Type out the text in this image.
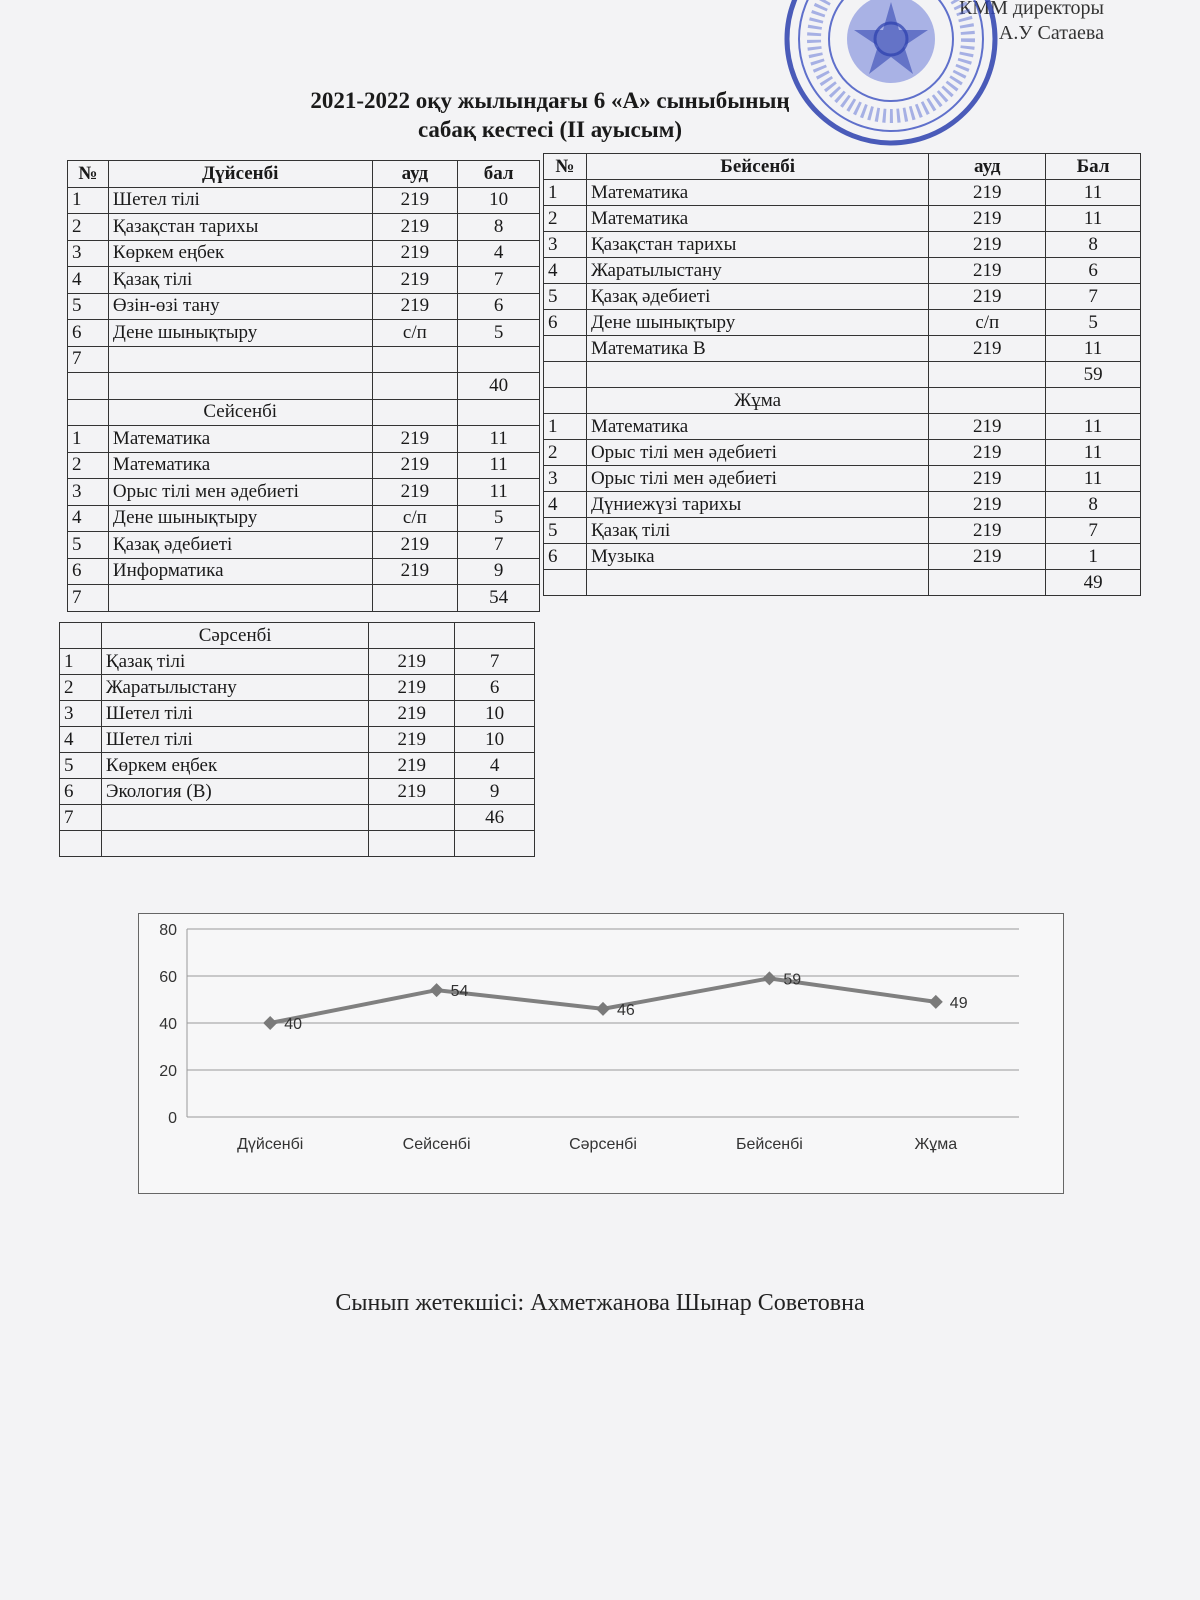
КММ директоры
А.У Сатаева
2021-2022 оқу жылындағы 6 «А» сыныбының
сабақ кестесі (ІІ ауысым)
№	Дүйсенбі	ауд	бал
1	Шетел тілі	219	10
2	Қазақстан тарихы	219	8
3	Көркем еңбек	219	4
4	Қазақ тілі	219	7
5	Өзін-өзі тану	219	6
6	Дене шынықтыру	с/п	5
7			
			40
	Сейсенбі		
1	Математика	219	11
2	Математика	219	11
3	Орыс тілі мен әдебиеті	219	11
4	Дене шынықтыру	с/п	5
5	Қазақ әдебиеті	219	7
6	Информатика	219	9
7			54
№	Бейсенбі	ауд	Бал
1	Математика	219	11
2	Математика	219	11
3	Қазақстан тарихы	219	8
4	Жаратылыстану	219	6
5	Қазақ әдебиеті	219	7
6	Дене шынықтыру	с/п	5
	Математика В	219	11
			59
	Жұма		
1	Математика	219	11
2	Орыс тілі мен әдебиеті	219	11
3	Орыс тілі мен әдебиеті	219	11
4	Дүниежүзі тарихы	219	8
5	Қазақ тілі	219	7
6	Музыка	219	1
			49
	Сәрсенбі		
1	Қазақ тілі	219	7
2	Жаратылыстану	219	6
3	Шетел тілі	219	10
4	Шетел тілі	219	10
5	Көркем еңбек	219	4
6	Экология (В)	219	9
7			46

0
20
40
60
80
40
54
46
59
49
Дүйсенбі	Сейсенбі	Сәрсенбі	Бейсенбі	Жұма
Сынып жетекшісі: Ахметжанова Шынар Советовна
